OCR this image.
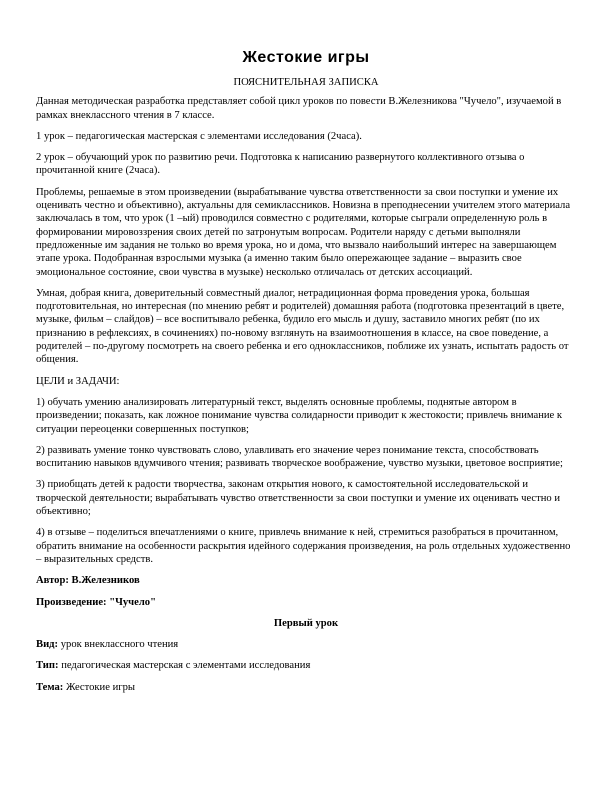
Жестокие игры
ПОЯСНИТЕЛЬНАЯ ЗАПИСКА

Данная методическая разработка представляет собой цикл уроков по повести В.Железникова "Чучело", изучаемой в рамках внеклассного чтения в 7 классе.

1 урок – педагогическая мастерская с элементами исследования (2часа).

2 урок – обучающий урок по развитию речи. Подготовка к написанию развернутого коллективного отзыва о прочитанной книге (2часа).

Проблемы, решаемые в этом произведении (вырабатывание чувства ответственности за свои поступки и умение их оценивать честно и объективно), актуальны для семиклассников. Новизна в преподнесении учителем этого материала заключалась в том, что урок (1 –ый) проводился совместно с родителями, которые сыграли определенную роль в формировании мировоззрения своих детей по затронутым вопросам. Родители наряду с детьми выполняли предложенные им задания не только во время урока, но и дома, что вызвало наибольший интерес на завершающем этапе урока. Подобранная взрослыми музыка (а именно таким было опережающее задание – выразить свое эмоциональное состояние, свои чувства в музыке) несколько отличалась от детских ассоциаций.

Умная, добрая книга, доверительный совместный диалог, нетрадиционная форма проведения урока, большая подготовительная, но интересная (по мнению ребят и родителей) домашняя работа (подготовка презентаций в цвете, музыке, фильм – слайдов) – все воспитывало ребенка, будило его мысль и душу, заставило многих ребят (по их признанию в рефлексиях, в сочинениях) по-новому взглянуть на взаимоотношения в классе, на свое поведение, а родителей – по-другому посмотреть на своего ребенка и его одноклассников, поближе их узнать, испытать радость от общения.

ЦЕЛИ и ЗАДАЧИ:

1) обучать умению анализировать литературный текст, выделять основные проблемы, поднятые автором в произведении; показать, как ложное понимание чувства солидарности приводит к жестокости; привлечь внимание к ситуации переоценки совершенных поступков;

2) развивать умение тонко чувствовать слово, улавливать его значение через понимание текста, способствовать воспитанию навыков вдумчивого чтения; развивать творческое воображение, чувство музыки, цветовое восприятие;

3) приобщать детей к радости творчества, законам открытия нового, к самостоятельной исследовательской и творческой деятельности; вырабатывать чувство ответственности за свои поступки и умение их оценивать честно и объективно;

4) в отзыве – поделиться впечатлениями о книге, привлечь внимание к ней, стремиться разобраться в прочитанном, обратить внимание на особенности раскрытия идейного содержания произведения, на роль отдельных художественно – выразительных средств.

Автор: В.Железников

Произведение: "Чучело"

Первый урок

Вид: урок внеклассного чтения

Тип: педагогическая мастерская с элементами исследования

Тема: Жестокие игры
